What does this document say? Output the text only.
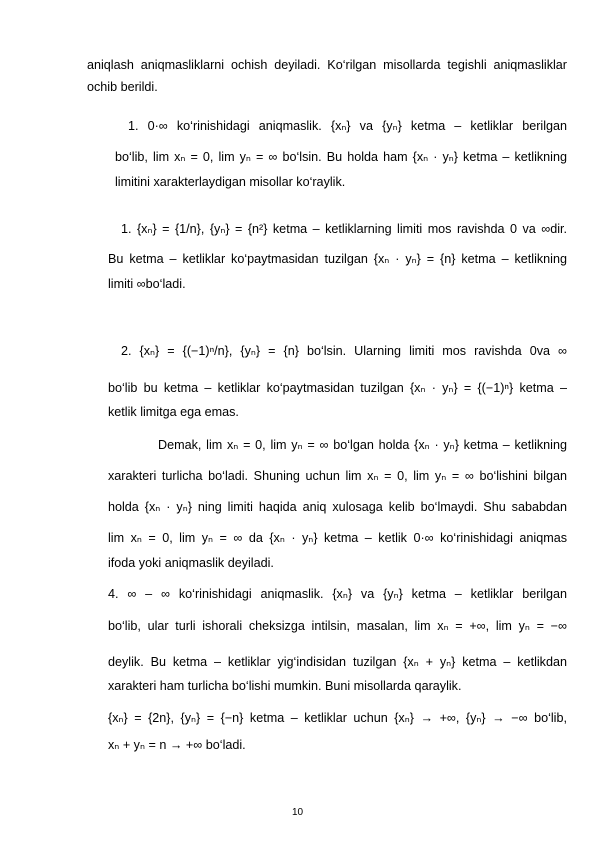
aniqlash aniqmasliklarni ochish deyiladi. Ko‘rilgan misollarda tegishli aniqmasliklar
ochib berildi.
1. 0·∞ ko‘rinishidagi aniqmaslik. {xₙ} va {yₙ} ketma – ketliklar berilgan
bo‘lib, lim xₙ = 0, lim yₙ = ∞ bo‘lsin. Bu holda ham {xₙ · yₙ} ketma – ketlikning
limitini xarakterlaydigan misollar ko‘raylik.
1. {xₙ} = {1/n}, {yₙ} = {n²} ketma – ketliklarning limiti mos ravishda 0 va ∞dir.
Bu ketma – ketliklar ko‘paytmasidan tuzilgan {xₙ · yₙ} = {n} ketma – ketlikning
limiti ∞bo‘ladi.
2. {xₙ} = {(−1)ⁿ/n}, {yₙ} = {n} bo‘lsin. Ularning limiti mos ravishda 0va ∞
bo‘lib bu ketma – ketliklar ko‘paytmasidan tuzilgan {xₙ · yₙ} = {(−1)ⁿ} ketma –
ketlik limitga ega emas.
Demak, lim xₙ = 0, lim yₙ = ∞ bo‘lgan holda {xₙ · yₙ} ketma – ketlikning
xarakteri turlicha bo‘ladi. Shuning uchun lim xₙ = 0, lim yₙ = ∞ bo‘lishini bilgan
holda {xₙ · yₙ} ning limiti haqida aniq xulosaga kelib bo‘lmaydi. Shu sababdan
lim xₙ = 0, lim yₙ = ∞ da {xₙ · yₙ} ketma – ketlik 0·∞ ko‘rinishidagi aniqmas
ifoda yoki aniqmaslik deyiladi.
4. ∞ – ∞ ko‘rinishidagi aniqmaslik. {xₙ} va {yₙ} ketma – ketliklar berilgan
bo‘lib, ular turli ishorali cheksizga intilsin, masalan, lim xₙ = +∞, lim yₙ = −∞
deylik. Bu ketma – ketliklar yig‘indisidan tuzilgan {xₙ + yₙ} ketma – ketlikdan
xarakteri ham turlicha bo‘lishi mumkin. Buni misollarda qaraylik.
{xₙ} = {2n}, {yₙ} = {−n} ketma – ketliklar uchun {xₙ} → +∞, {yₙ} → −∞ bo‘lib,
xₙ + yₙ = n → +∞ bo‘ladi.
10
